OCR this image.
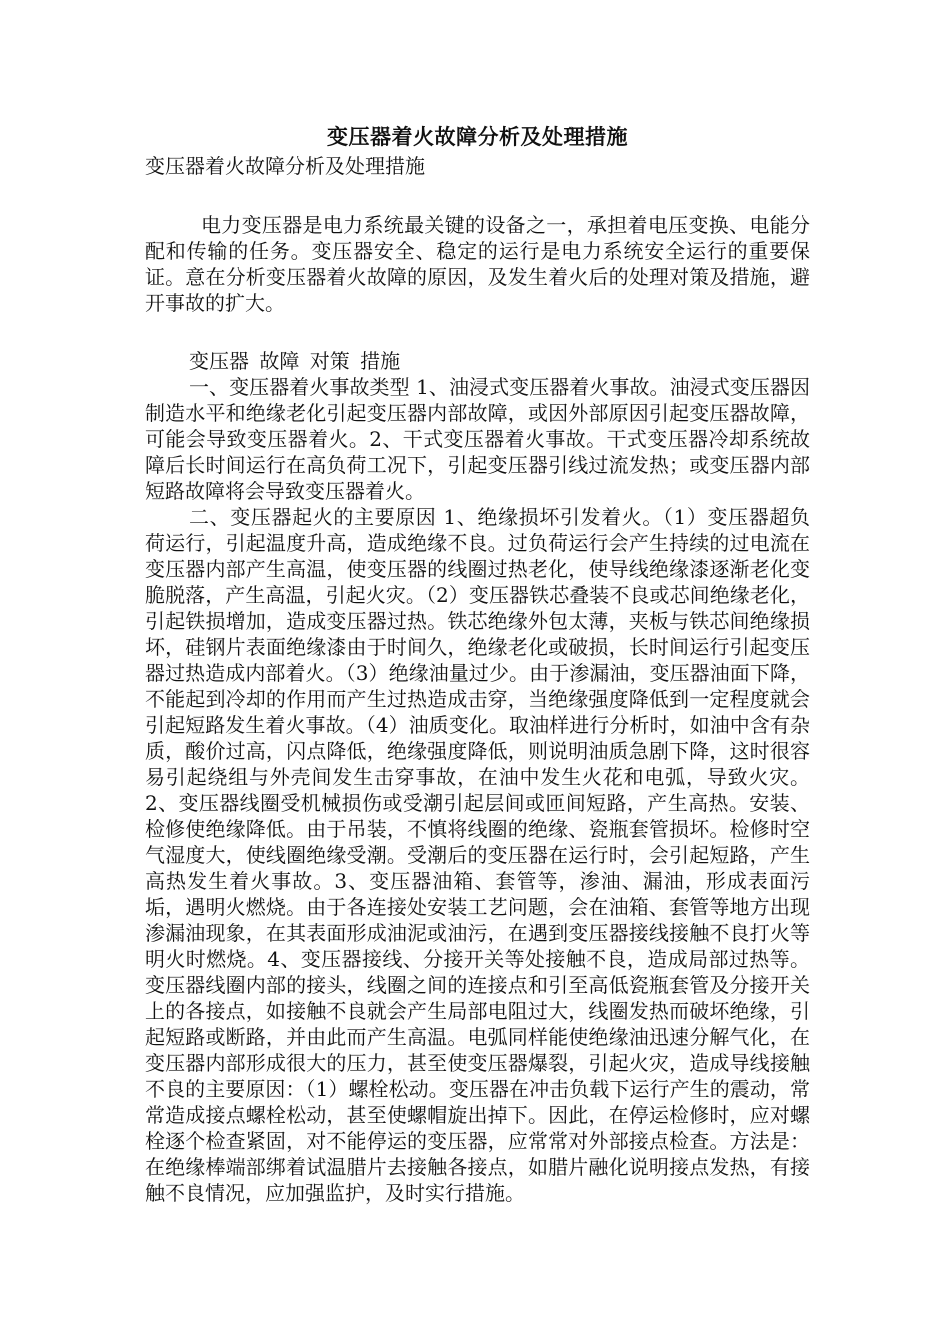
变压器着火故障分析及处理措施

变压器着火故障分析及处理措施

电力变压器是电力系统最关键的设备之一，承担着电压变换、电能分配和传输的任务。变压器安全、稳定的运行是电力系统安全运行的重要保证。意在分析变压器着火故障的原因，及发生着火后的处理对策及措施，避开事故的扩大。

变压器 故障 对策 措施

一、变压器着火事故类型 1、油浸式变压器着火事故。油浸式变压器因制造水平和绝缘老化引起变压器内部故障，或因外部原因引起变压器故障，可能会导致变压器着火。2、干式变压器着火事故。干式变压器冷却系统故障后长时间运行在高负荷工况下，引起变压器引线过流发热；或变压器内部短路故障将会导致变压器着火。

二、变压器起火的主要原因 1、绝缘损坏引发着火。（1）变压器超负荷运行，引起温度升高，造成绝缘不良。过负荷运行会产生持续的过电流在变压器内部产生高温，使变压器的线圈过热老化，使导线绝缘漆逐渐老化变脆脱落，产生高温，引起火灾。（2）变压器铁芯叠装不良或芯间绝缘老化，引起铁损增加，造成变压器过热。铁芯绝缘外包太薄，夹板与铁芯间绝缘损坏，硅钢片表面绝缘漆由于时间久，绝缘老化或破损，长时间运行引起变压器过热造成内部着火。（3）绝缘油量过少。由于渗漏油，变压器油面下降，不能起到冷却的作用而产生过热造成击穿，当绝缘强度降低到一定程度就会引起短路发生着火事故。（4）油质变化。取油样进行分析时，如油中含有杂质，酸价过高，闪点降低，绝缘强度降低，则说明油质急剧下降，这时很容易引起绕组与外壳间发生击穿事故，在油中发生火花和电弧，导致火灾。2、变压器线圈受机械损伤或受潮引起层间或匝间短路，产生高热。安装、检修使绝缘降低。由于吊装，不慎将线圈的绝缘、瓷瓶套管损坏。检修时空气湿度大，使线圈绝缘受潮。受潮后的变压器在运行时，会引起短路，产生高热发生着火事故。3、变压器油箱、套管等，渗油、漏油，形成表面污垢，遇明火燃烧。由于各连接处安装工艺问题，会在油箱、套管等地方出现渗漏油现象，在其表面形成油泥或油污，在遇到变压器接线接触不良打火等明火时燃烧。4、变压器接线、分接开关等处接触不良，造成局部过热等。变压器线圈内部的接头，线圈之间的连接点和引至高低瓷瓶套管及分接开关上的各接点，如接触不良就会产生局部电阻过大，线圈发热而破坏绝缘，引起短路或断路，并由此而产生高温。电弧同样能使绝缘油迅速分解气化，在变压器内部形成很大的压力，甚至使变压器爆裂，引起火灾，造成导线接触不良的主要原因：（1）螺栓松动。变压器在冲击负载下运行产生的震动，常常造成接点螺栓松动，甚至使螺帽旋出掉下。因此，在停运检修时，应对螺栓逐个检查紧固，对不能停运的变压器，应常常对外部接点检查。方法是：在绝缘棒端部绑着试温腊片去接触各接点，如腊片融化说明接点发热，有接触不良情况，应加强监护，及时实行措施。
